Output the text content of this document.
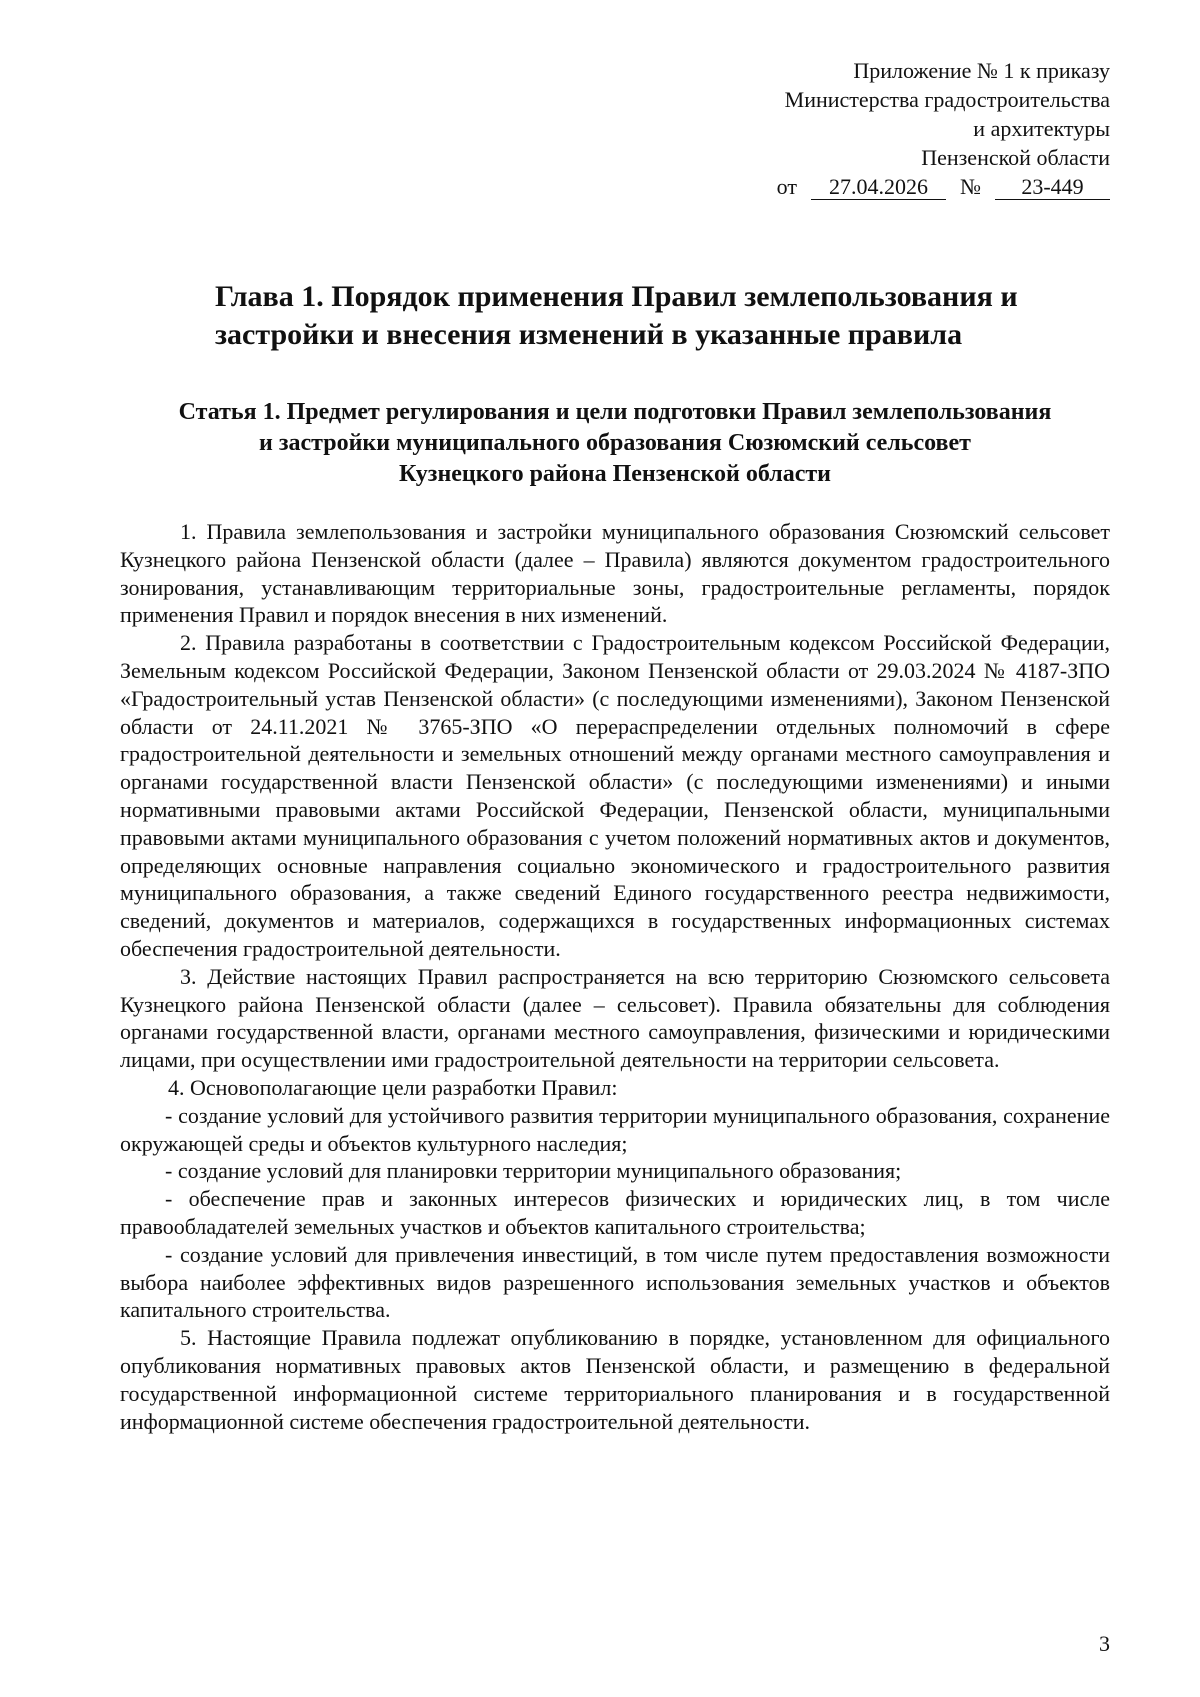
Приложение № 1 к приказу
Министерства градостроительства
и архитектуры
Пензенской области
от 27.04.2026 № 23-449
Глава 1. Порядок применения Правил землепользования и
застройки и внесения изменений в указанные правила
Статья 1. Предмет регулирования и цели подготовки Правил землепользования
и застройки муниципального образования Сюзюмский сельсовет
Кузнецкого района Пензенской области

1. Правила землепользования и застройки муниципального образования Сюзюмский сельсовет Кузнецкого района Пензенской области (далее – Правила) являются документом градостроительного зонирования, устанавливающим территориальные зоны, градостроительные регламенты, порядок применения Правил и порядок внесения в них изменений.

2. Правила разработаны в соответствии с Градостроительным кодексом Российской Федерации, Земельным кодексом Российской Федерации, Законом Пензенской области от 29.03.2024 № 4187-ЗПО «Градостроительный устав Пензенской области» (с последующими изменениями), Законом Пензенской области от 24.11.2021 № 3765-ЗПО «О перераспределении отдельных полномочий в сфере градостроительной деятельности и земельных отношений между органами местного самоуправления и органами государственной власти Пензенской области» (с последующими изменениями) и иными нормативными правовыми актами Российской Федерации, Пензенской области, муниципальными правовыми актами муниципального образования с учетом положений нормативных актов и документов, определяющих основные направления социально экономического и градостроительного развития муниципального образования, а также сведений Единого государственного реестра недвижимости, сведений, документов и материалов, содержащихся в государственных информационных системах обеспечения градостроительной деятельности.

3. Действие настоящих Правил распространяется на всю территорию Сюзюмского сельсовета Кузнецкого района Пензенской области (далее – сельсовет). Правила обязательны для соблюдения органами государственной власти, органами местного самоуправления, физическими и юридическими лицами, при осуществлении ими градостроительной деятельности на территории сельсовета.

4. Основополагающие цели разработки Правил:

- создание условий для устойчивого развития территории муниципального образования, сохранение окружающей среды и объектов культурного наследия;

- создание условий для планировки территории муниципального образования;

- обеспечение прав и законных интересов физических и юридических лиц, в том числе правообладателей земельных участков и объектов капитального строительства;

- создание условий для привлечения инвестиций, в том числе путем предоставления возможности выбора наиболее эффективных видов разрешенного использования земельных участков и объектов капитального строительства.

5. Настоящие Правила подлежат опубликованию в порядке, установленном для официального опубликования нормативных правовых актов Пензенской области, и размещению в федеральной государственной информационной системе территориального планирования и в государственной информационной системе обеспечения градостроительной деятельности.

3
